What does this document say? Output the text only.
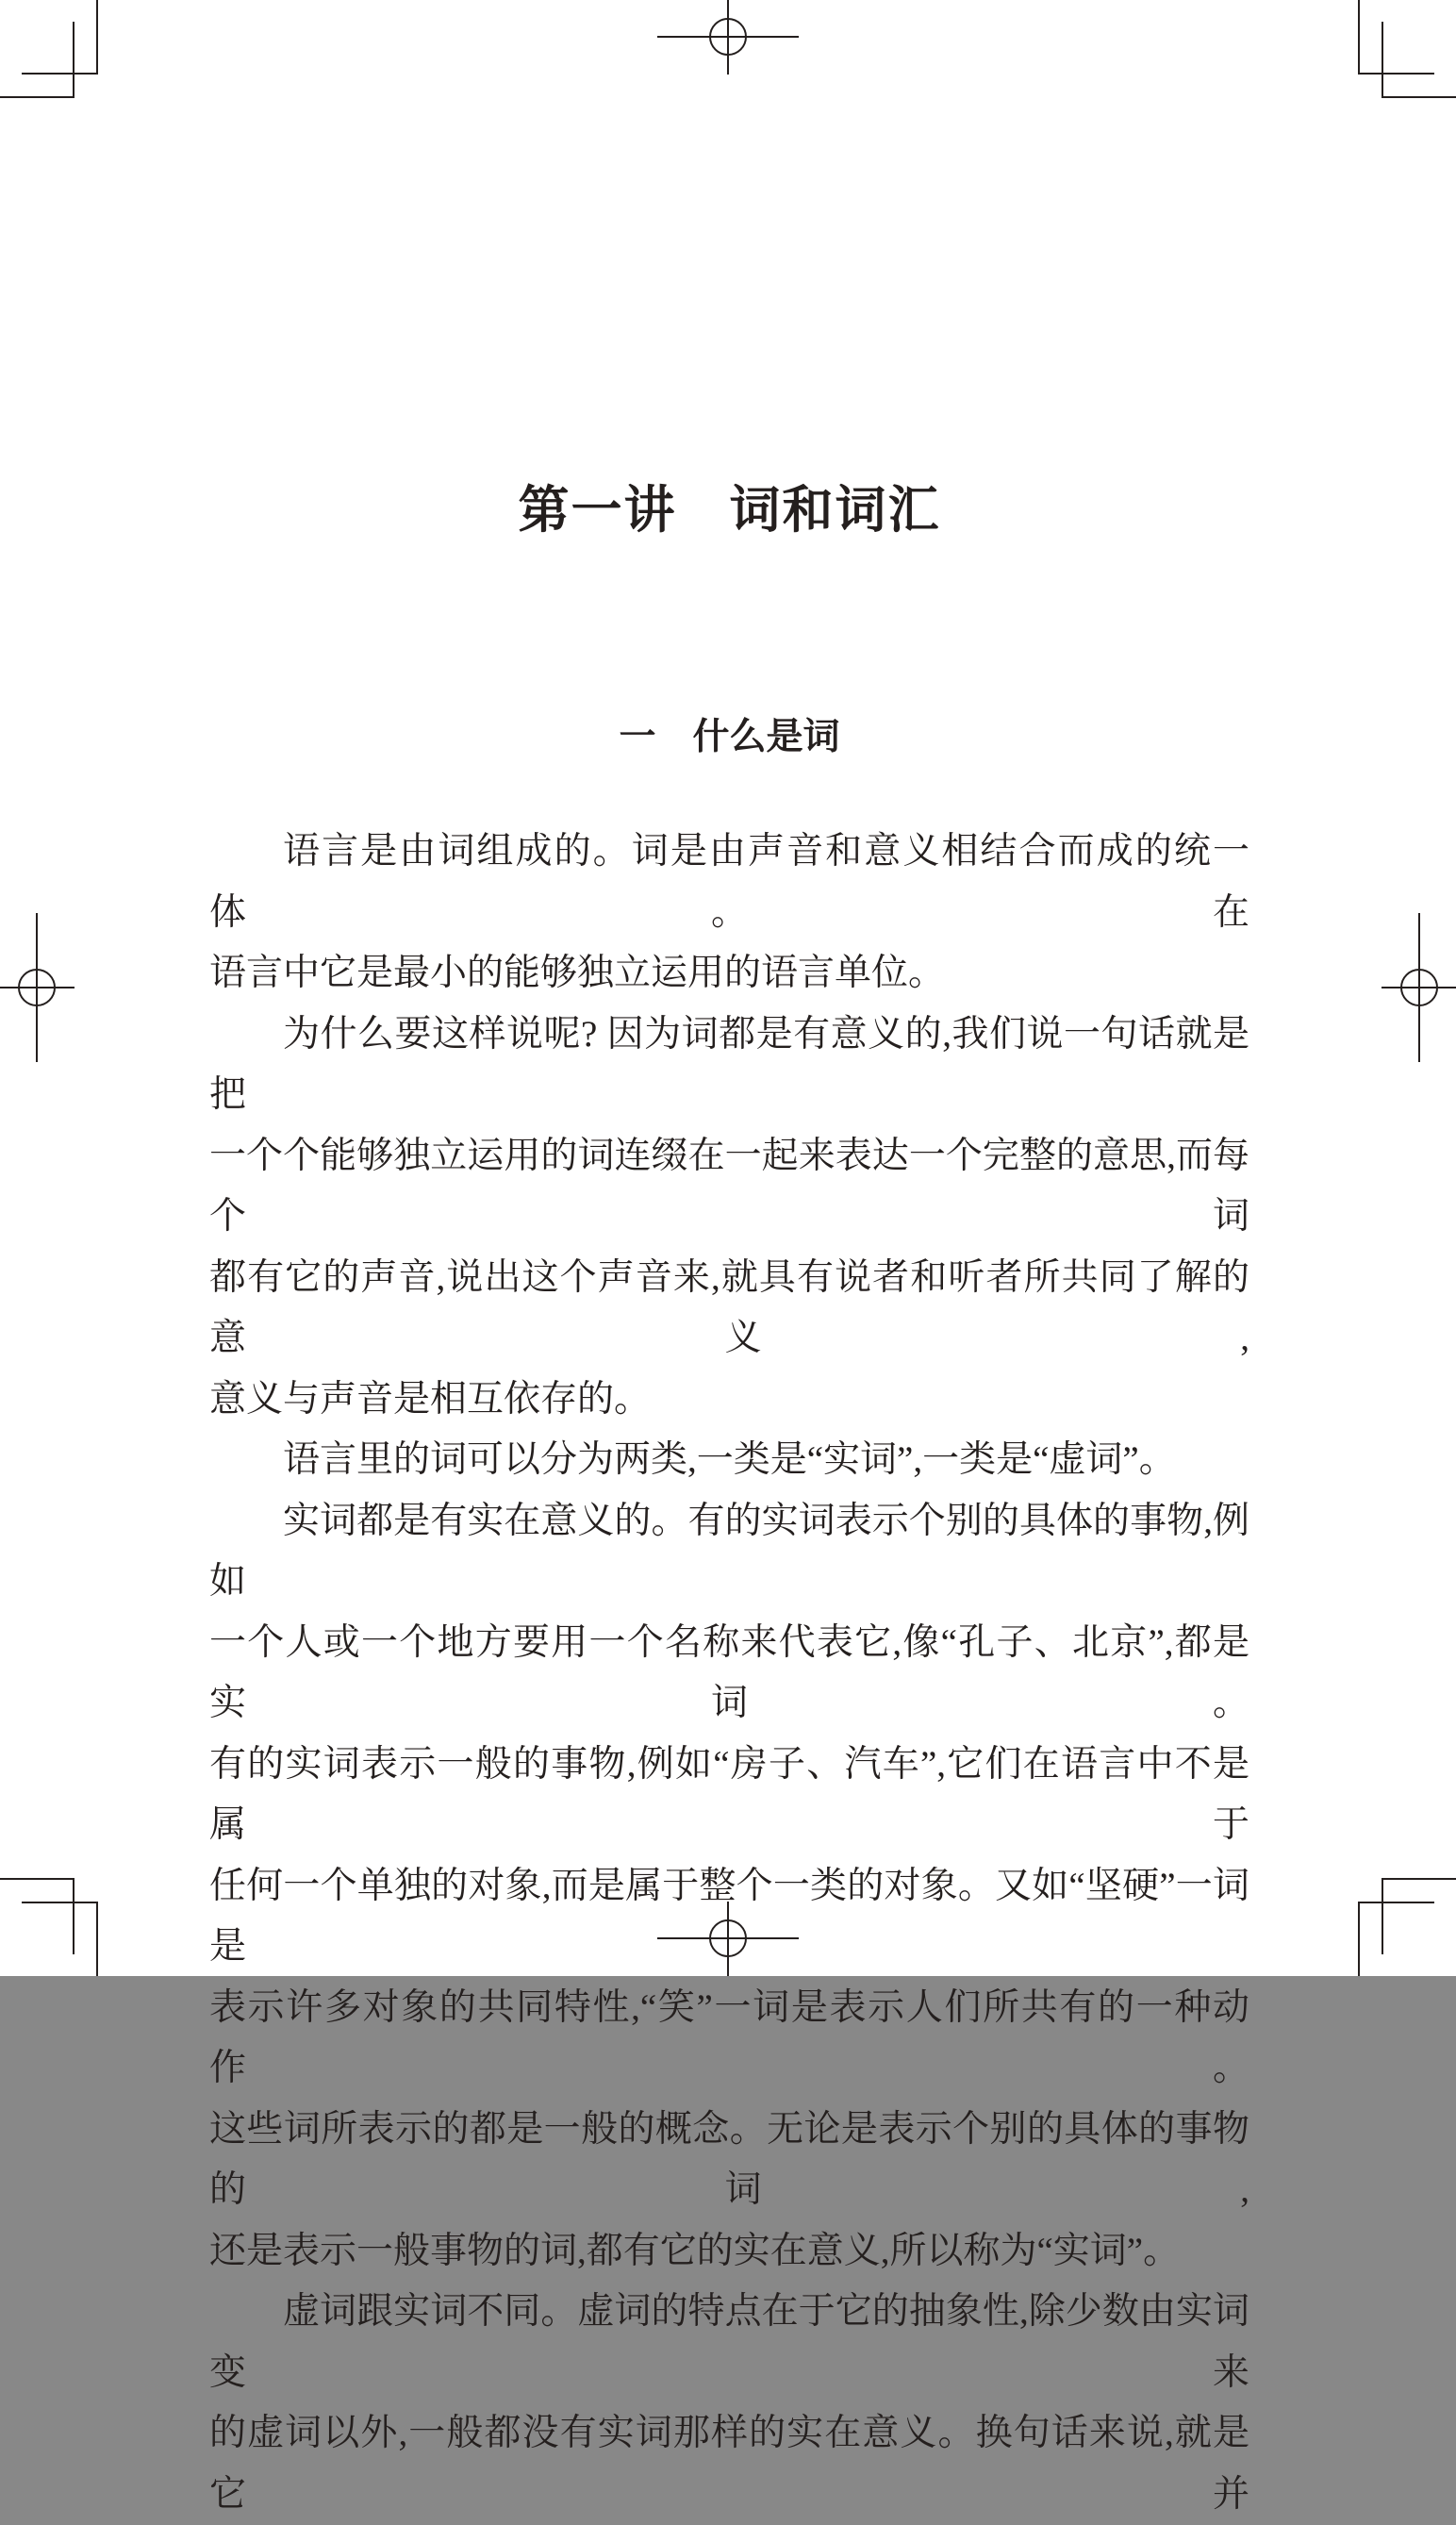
第一讲　词和词汇
一　什么是词
语言是由词组成的。词是由声音和意义相结合而成的统一体。在
语言中它是最小的能够独立运用的语言单位。
为什么要这样说呢? 因为词都是有意义的,我们说一句话就是把
一个个能够独立运用的词连缀在一起来表达一个完整的意思,而每个词
都有它的声音,说出这个声音来,就具有说者和听者所共同了解的意义,
意义与声音是相互依存的。
语言里的词可以分为两类,一类是“实词”,一类是“虚词”。
实词都是有实在意义的。有的实词表示个别的具体的事物,例如
一个人或一个地方要用一个名称来代表它,像“孔子、北京”,都是实词。
有的实词表示一般的事物,例如“房子、汽车”,它们在语言中不是属于
任何一个单独的对象,而是属于整个一类的对象。又如“坚硬”一词是
表示许多对象的共同特性,“笑”一词是表示人们所共有的一种动作。
这些词所表示的都是一般的概念。无论是表示个别的具体的事物的词,
还是表示一般事物的词,都有它的实在意义,所以称为“实词”。
虚词跟实词不同。虚词的特点在于它的抽象性,除少数由实词变来
的虚词以外,一般都没有实词那样的实在意义。换句话来说,就是它并
